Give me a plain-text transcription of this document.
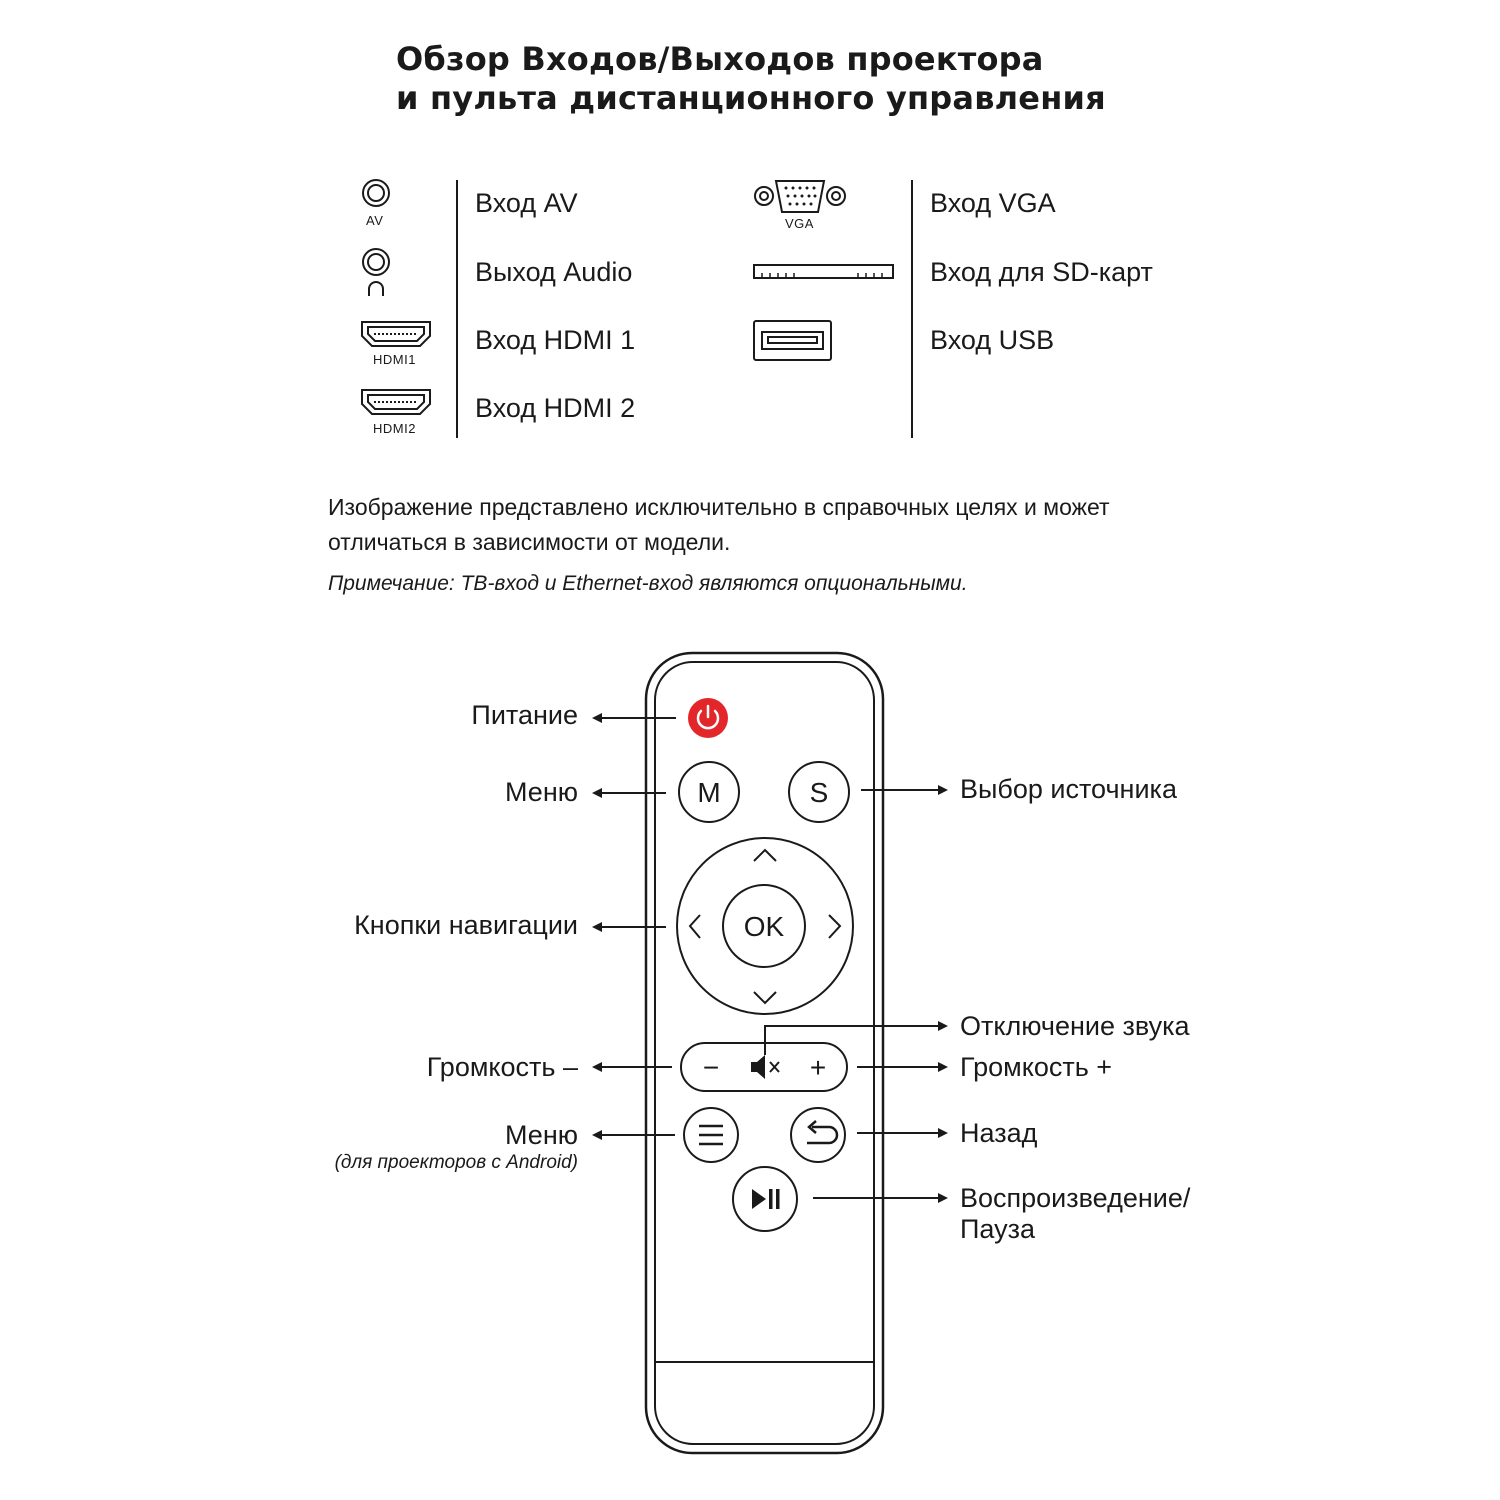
Обзор Входов/Выходов проектора
и пульта дистанционного управления
Вход AV
Выход Audio
Вход HDMI 1
Вход HDMI 2
Вход VGA
Вход для SD-карт
Вход USB
AV
HDMI1
HDMI2
VGA
Изображение представлено исключительно в справочных целях и может отличаться в зависимости от модели.
Примечание: ТВ-вход и Ethernet-вход являются опциональными.
Питание
Меню
Кнопки навигации
Громкость –
Меню
(для проекторов с Android)
Выбор источника
Отключение звука
Громкость +
Назад
Воспроизведение/
Пауза
M	S
OK
−	+
